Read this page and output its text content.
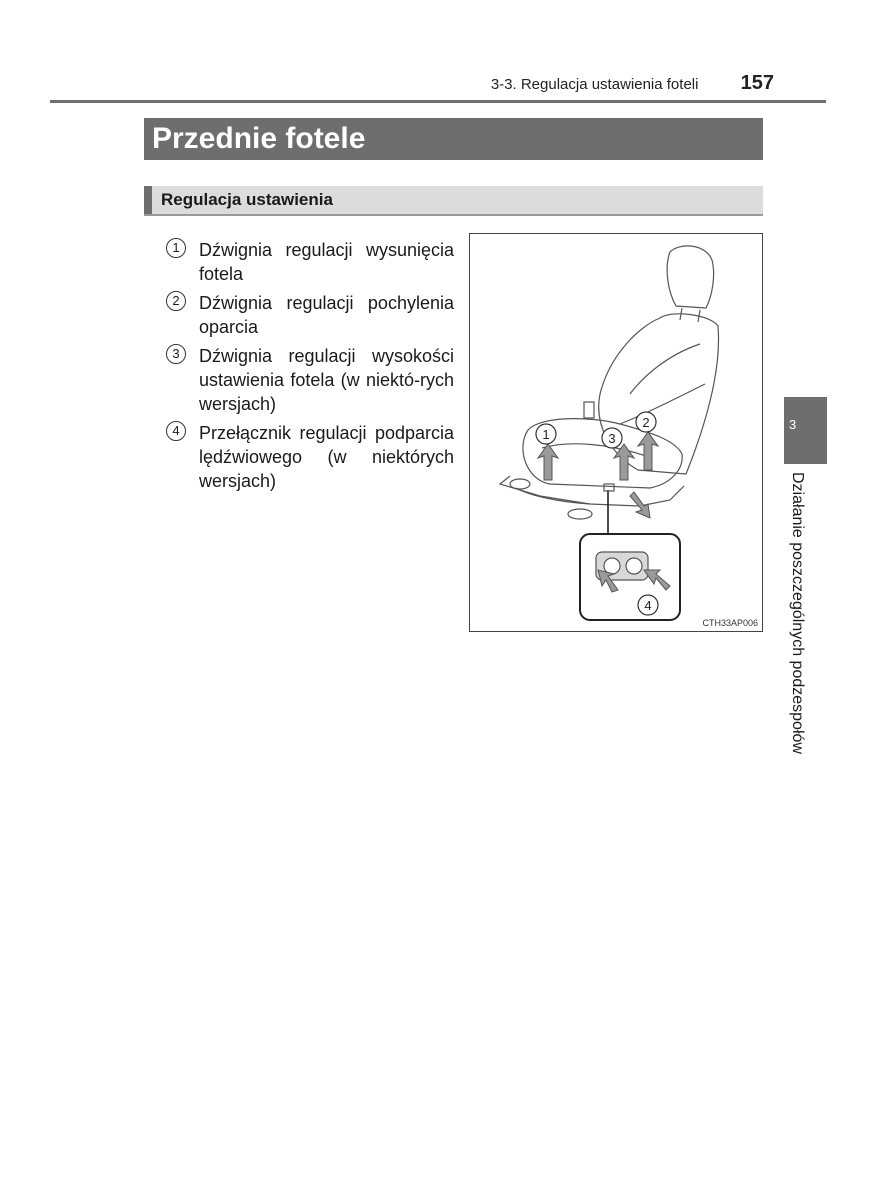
3-3. Regulacja ustawienia foteli 157
Przednie fotele
Regulacja ustawienia
1	Dźwignia regulacji wysunięcia fotela
2	Dźwignia regulacji pochylenia oparcia
3	Dźwignia regulacji wysokości ustawienia fotela (w niektó-rych wersjach)
4	Przełącznik regulacji podparcia lędźwiowego (w niektórych wersjach)
1
2
3
4
CTH33AP006
3
Działanie poszczególnych podzespołów
